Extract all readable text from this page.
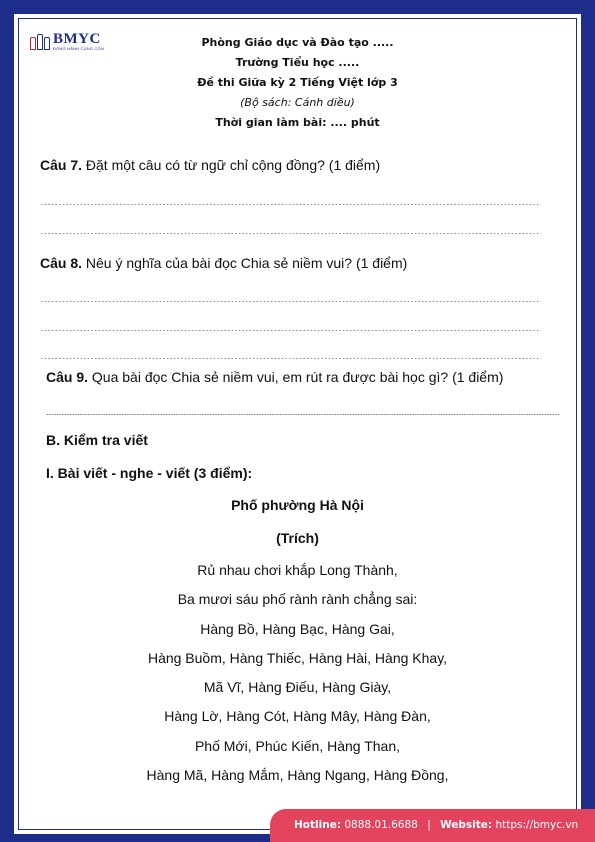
BMYC
ĐỒNG HÀNH CÙNG CON	Phòng Giáo dục và Đào tạo .....
Trường Tiểu học .....
Đề thi Giữa kỳ 2 Tiếng Việt lớp 3
(Bộ sách: Cánh diều)
Thời gian làm bài: .... phút
Câu 7. Đặt một câu có từ ngữ chỉ cộng đồng? (1 điểm)
Câu 8. Nêu ý nghĩa của bài đọc Chia sẻ niềm vui? (1 điểm)
Câu 9. Qua bài đọc Chia sẻ niềm vui, em rút ra được bài học gì? (1 điểm)
B. Kiểm tra viết
I. Bài viết - nghe - viết (3 điểm):
Phố phường Hà Nội
(Trích)
Rủ nhau chơi khắp Long Thành,
Ba mươi sáu phố rành rành chẳng sai:
Hàng Bồ, Hàng Bạc, Hàng Gai,
Hàng Buồm, Hàng Thiếc, Hàng Hài, Hàng Khay,
Mã Vĩ, Hàng Điếu, Hàng Giày,
Hàng Lờ, Hàng Cót, Hàng Mây, Hàng Đàn,
Phố Mới, Phúc Kiến, Hàng Than,
Hàng Mã, Hàng Mắm, Hàng Ngang, Hàng Đồng,
Hotline: 0888.01.6688 | Website: https://bmyc.vn
